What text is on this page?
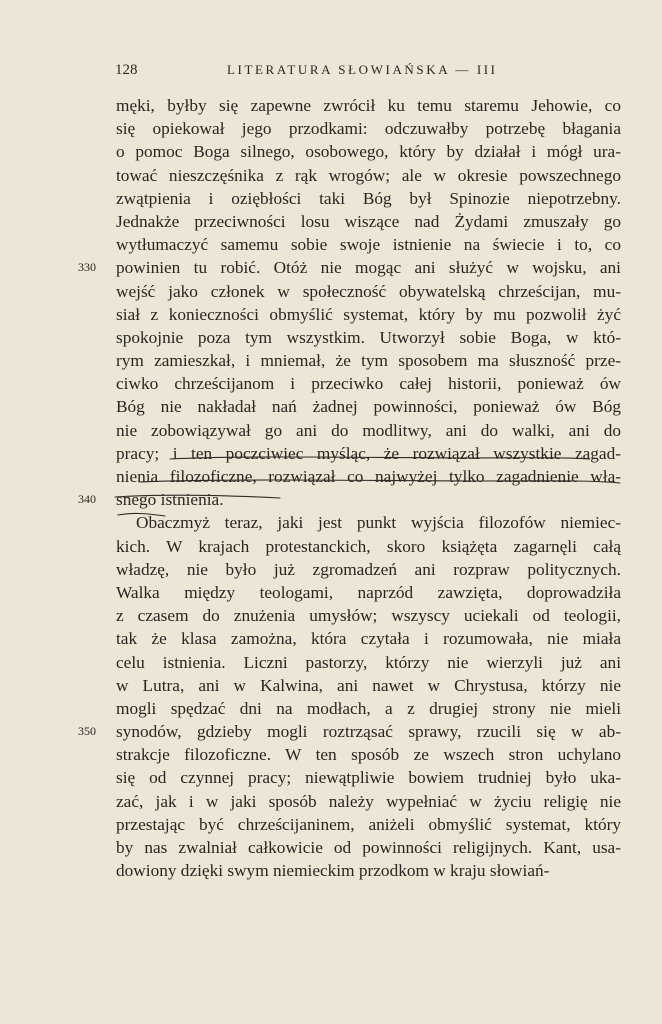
128	LITERATURA SŁOWIAŃSKA — III
męki, byłby się zapewne zwrócił ku temu staremu Jehowie, co
się opiekował jego przodkami: odczuwałby potrzebę błagania
o pomoc Boga silnego, osobowego, który by działał i mógł ura-
tować nieszczęśnika z rąk wrogów; ale w okresie powszechnego
zwątpienia i oziębłości taki Bóg był Spinozie niepotrzebny.
Jednakże przeciwności losu wiszące nad Żydami zmuszały go
wytłumaczyć samemu sobie swoje istnienie na świecie i to, co
powinien tu robić. Otóż nie mogąc ani służyć w wojsku, ani
330
wejść jako członek w społeczność obywatelską chrześcijan, mu-
siał z konieczności obmyślić systemat, który by mu pozwolił żyć
spokojnie poza tym wszystkim. Utworzył sobie Boga, w któ-
rym zamieszkał, i mniemał, że tym sposobem ma słuszność prze-
ciwko chrześcijanom i przeciwko całej historii, ponieważ ów
Bóg nie nakładał nań żadnej powinności, ponieważ ów Bóg
nie zobowiązywał go ani do modlitwy, ani do walki, ani do
pracy; i ten poczciwiec myśląc, że rozwiązał wszystkie zagad-
nienia filozoficzne, rozwiązał co najwyżej tylko zagadnienie wła-
snego istnienia.
340
Obaczmyż teraz, jaki jest punkt wyjścia filozofów niemiec-
kich. W krajach protestanckich, skoro książęta zagarnęli całą
władzę, nie było już zgromadzeń ani rozpraw politycznych.
Walka między teologami, naprzód zawzięta, doprowadziła
z czasem do znużenia umysłów; wszyscy uciekali od teologii,
tak że klasa zamożna, która czytała i rozumowała, nie miała
celu istnienia. Liczni pastorzy, którzy nie wierzyli już ani
w Lutra, ani w Kalwina, ani nawet w Chrystusa, którzy nie
mogli spędzać dni na modłach, a z drugiej strony nie mieli
synodów, gdzieby mogli roztrząsać sprawy, rzucili się w ab-
350
strakcje filozoficzne. W ten sposób ze wszech stron uchylano
się od czynnej pracy; niewątpliwie bowiem trudniej było uka-
zać, jak i w jaki sposób należy wypełniać w życiu religię nie
przestając być chrześcijaninem, aniżeli obmyślić systemat, który
by nas zwalniał całkowicie od powinności religijnych. Kant, usa-
dowiony dzięki swym niemieckim przodkom w kraju słowiań-
